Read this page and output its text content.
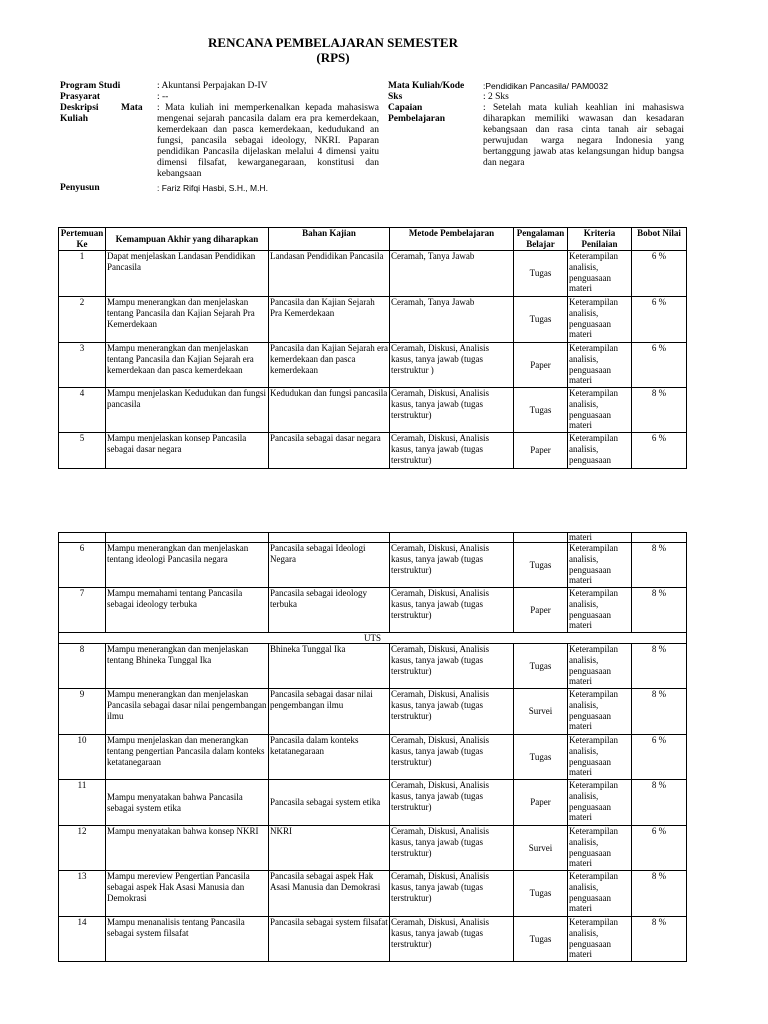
RENCANA PEMBELAJARAN SEMESTER
(RPS)
Program Studi	: Akuntansi Perpajakan D-IV
Prasyarat	: --
Deskripsi Mata
Kuliah
: Mata kuliah ini memperkenalkan kepada mahasiswa mengenai sejarah pancasila dalam era pra kemerdekaan, kemerdekaan dan pasca kemerdekaan, kedudukand an fungsi, pancasila sebagai ideology, NKRI. Paparan pendidikan Pancasila dijelaskan melalui 4 dimensi yaitu dimensi filsafat, kewarganegaraan, konstitusi dan kebangsaan
Penyusun	: Fariz Rifqi Hasbi, S.H., M.H.
Mata Kuliah/Kode :Pendidikan Pancasila/ PAM0032
Sks	: 2 Sks
Capaian
Pembelajaran
: Setelah mata kuliah keahlian ini mahasiswa diharapkan memiliki wawasan dan kesadaran kebangsaan dan rasa cinta tanah air sebagai perwujudan warga negara Indonesia yang bertanggung jawab atas kelangsungan hidup bangsa dan negara
Pertemuan Ke	Kemampuan Akhir yang diharapkan	Bahan Kajian	Metode Pembelajaran	Pengalaman Belajar	Kriteria Penilaian	Bobot Nilai
1	Dapat menjelaskan Landasan Pendidikan Pancasila	Landasan Pendidikan Pancasila	Ceramah, Tanya Jawab	Tugas	Keterampilan analisis, penguasaan materi	6 %
2	Mampu menerangkan dan menjelaskan tentang Pancasila dan Kajian Sejarah Pra Kemerdekaan	Pancasila dan Kajian Sejarah Pra Kemerdekaan	Ceramah, Tanya Jawab	Tugas	Keterampilan analisis, penguasaan materi	6 %
3	Mampu menerangkan dan menjelaskan tentang Pancasila dan Kajian Sejarah era kemerdekaan dan pasca kemerdekaan	Pancasila dan Kajian Sejarah era kemerdekaan dan pasca kemerdekaan	Ceramah, Diskusi, Analisis kasus, tanya jawab (tugas terstruktur )	Paper	Keterampilan analisis, penguasaan materi	6 %
4	Mampu menjelaskan Kedudukan dan fungsi pancasila	Kedudukan dan fungsi pancasila	Ceramah, Diskusi, Analisis kasus, tanya jawab (tugas terstruktur)	Tugas	Keterampilan analisis, penguasaan materi	8 %
5	Mampu menjelaskan konsep Pancasila sebagai dasar negara	Pancasila sebagai dasar negara	Ceramah, Diskusi, Analisis kasus, tanya jawab (tugas terstruktur)	Paper	Keterampilan analisis, penguasaan	6 %
					materi	
6	Mampu menerangkan dan menjelaskan tentang ideologi Pancasila negara	Pancasila sebagai Ideologi Negara	Ceramah, Diskusi, Analisis kasus, tanya jawab (tugas terstruktur)	Tugas	Keterampilan analisis, penguasaan materi	8 %
7	Mampu memahami tentang Pancasila sebagai ideology terbuka	Pancasila sebagai ideology terbuka	Ceramah, Diskusi, Analisis kasus, tanya jawab (tugas terstruktur)	Paper	Keterampilan analisis, penguasaan materi	8 %
UTS						
8	Mampu menerangkan dan menjelaskan tentang Bhineka Tunggal Ika	Bhineka Tunggal Ika	Ceramah, Diskusi, Analisis kasus, tanya jawab (tugas terstruktur)	Tugas	Keterampilan analisis, penguasaan materi	8 %
9	Mampu menerangkan dan menjelaskan Pancasila sebagai dasar nilai pengembangan ilmu	Pancasila sebagai dasar nilai pengembangan ilmu	Ceramah, Diskusi, Analisis kasus, tanya jawab (tugas terstruktur)	Survei	Keterampilan analisis, penguasaan materi	8 %
10	Mampu menjelaskan dan menerangkan tentang pengertian Pancasila dalam konteks ketatanegaraan	Pancasila dalam konteks ketatanegaraan	Ceramah, Diskusi, Analisis kasus, tanya jawab (tugas terstruktur)	Tugas	Keterampilan analisis, penguasaan materi	6 %
11	Mampu menyatakan bahwa Pancasila sebagai system etika	Pancasila sebagai system etika	Ceramah, Diskusi, Analisis kasus, tanya jawab (tugas terstruktur)	Paper	Keterampilan analisis, penguasaan materi	8 %
12	Mampu menyatakan bahwa konsep NKRI	NKRI	Ceramah, Diskusi, Analisis kasus, tanya jawab (tugas terstruktur)	Survei	Keterampilan analisis, penguasaan materi	6 %
13	Mampu mereview Pengertian Pancasila sebagai aspek Hak Asasi Manusia dan Demokrasi	Pancasila sebagai aspek Hak Asasi Manusia dan Demokrasi	Ceramah, Diskusi, Analisis kasus, tanya jawab (tugas terstruktur)	Tugas	Keterampilan analisis, penguasaan materi	8 %
14	Mampu menanalisis tentang Pancasila sebagai system filsafat	Pancasila sebagai system filsafat	Ceramah, Diskusi, Analisis kasus, tanya jawab (tugas terstruktur)	Tugas	Keterampilan analisis, penguasaan materi	8 %
